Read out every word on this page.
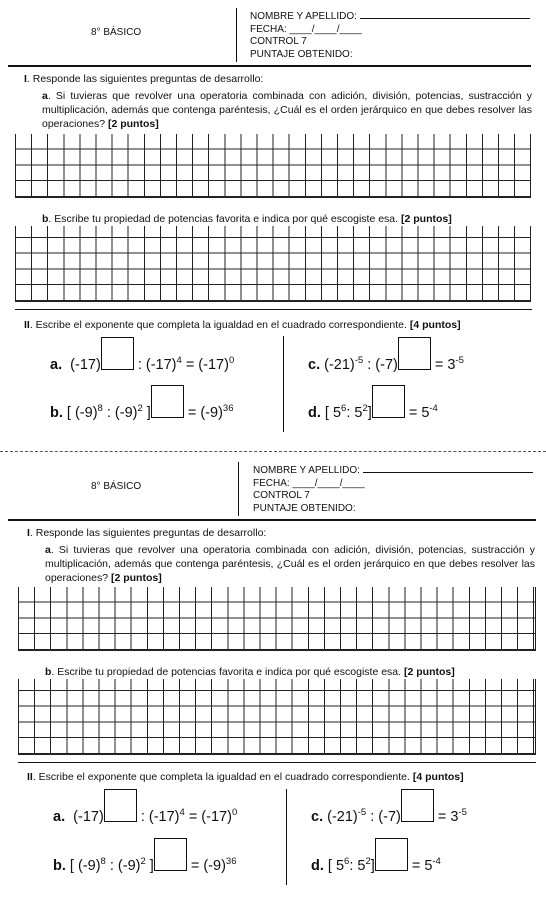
8° BÁSICO
NOMBRE Y APELLIDO:
FECHA: ____/____/____
CONTROL 7
PUNTAJE OBTENIDO:
I. Responde las siguientes preguntas de desarrollo:
a. Si tuvieras que revolver una operatoria combinada con adición, división, potencias, sustracción y multiplicación, además que contenga paréntesis, ¿Cuál es el orden jerárquico en que debes resolver las operaciones? [2 puntos]
b. Escribe tu propiedad de potencias favorita e indica por qué escogiste esa. [2 puntos]
II. Escribe el exponente que completa la igualdad en el cuadrado correspondiente. [4 puntos]
a. (-17)	: $(-17)^4 = (-17)^0$
b. [ $(-9)^8$ : $(-9)^2$ ]	= $(-9)^{36}$
c. $(-21)^{-5}$ : (-7)	= $3^{-5}$
d. [ $5^6$: $5^2$]	= $5^{-4}$
8° BÁSICO
NOMBRE Y APELLIDO:
FECHA: ____/____/____
CONTROL 7
PUNTAJE OBTENIDO:
I. Responde las siguientes preguntas de desarrollo:
a. Si tuvieras que revolver una operatoria combinada con adición, división, potencias, sustracción y multiplicación, además que contenga paréntesis, ¿Cuál es el orden jerárquico en que debes resolver las operaciones? [2 puntos]
b. Escribe tu propiedad de potencias favorita e indica por qué escogiste esa. [2 puntos]
II. Escribe el exponente que completa la igualdad en el cuadrado correspondiente. [4 puntos]
a. (-17)	: $(-17)^4 = (-17)^0$
b. [ $(-9)^8$ : $(-9)^2$ ]	= $(-9)^{36}$
c. $(-21)^{-5}$ : (-7)	= $3^{-5}$
d. [ $5^6$: $5^2$]	= $5^{-4}$
